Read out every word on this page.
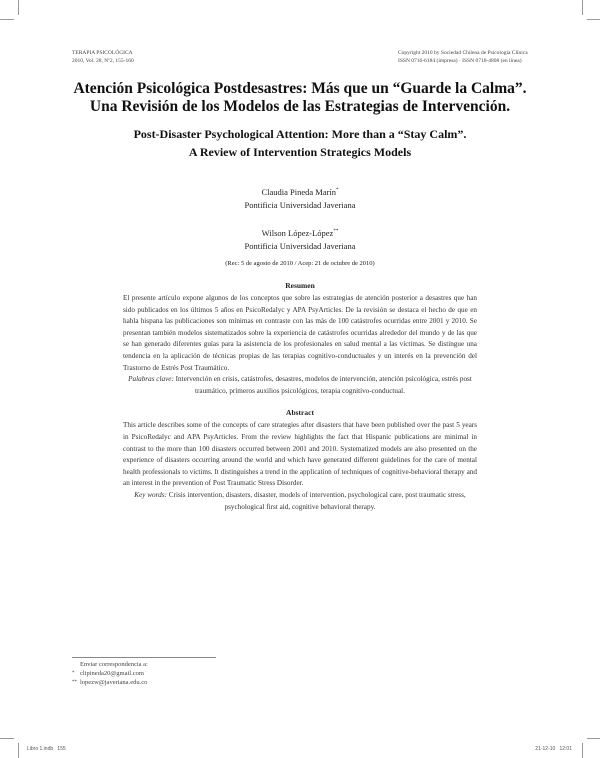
TERAPIA PSICOLÓGICA
2010, Vol. 28, Nº2, 155-160
Copyright 2010 by Sociedad Chilena de Psicología Clínica
ISSN 0716-6184 (impresa) · ISSN 0718-4808 (en línea)
Atención Psicológica Postdesastres: Más que un “Guarde la Calma”.
Una Revisión de los Modelos de las Estrategias de Intervención.
Post-Disaster Psychological Attention: More than a “Stay Calm”.
A Review of Intervention Strategics Models
Claudia Pineda Marín*
Pontificia Universidad Javeriana
Wilson López-López**
Pontificia Universidad Javeriana
(Rec: 5 de agosto de 2010 / Acep: 21 de octubre de 2010)
Resumen
El presente artículo expone algunos de los conceptos que sobre las estrategias de atención posterior a desastres que han sido publicados en los últimos 5 años en PsicoRedalyc y APA PsyArticles. De la revisión se destaca el hecho de que en habla hispana las publicaciones son mínimas en contraste con las más de 100 catástrofes ocurridas entre 2001 y 2010. Se presentan también modelos sistematizados sobre la experiencia de catástrofes ocurridas alrededor del mundo y de las que se han generado diferentes guías para la asistencia de los profesionales en salud mental a las víctimas. Se distingue una tendencia en la aplicación de técnicas propias de las terapias cognitivo-conductuales y un interés en la prevención del Trastorno de Estrés Post Traumático.
Palabras clave: Intervención en crisis, catástrofes, desastres, modelos de intervención, atención psicológica, estrés post traumático, primeros auxilios psicológicos, terapia cognitivo-conductual.
Abstract
This article describes some of the concepts of care strategies after disasters that have been published over the past 5 years in PsicoRedalyc and APA PsyArticles. From the review highlights the fact that Hispanic publications are minimal in contrast to the more than 100 disasters occurred between 2001 and 2010. Systematized models are also presented on the experience of disasters occurring around the world and which have generated different guidelines for the care of mental health professionals to victims. It distinguishes a trend in the application of techniques of cognitive-behavioral therapy and an interest in the prevention of Post Traumatic Stress Disorder.
Key words: Crisis intervention, disasters, disaster, models of intervention, psychological care, post traumatic stress, psychological first aid, cognitive behavioral therapy.
Enviar correspondencia a:
* clipineda20@gmail.com
** lopezw@javeriana.edu.co
Libro 1.indb   155	21-12-10   12:01
